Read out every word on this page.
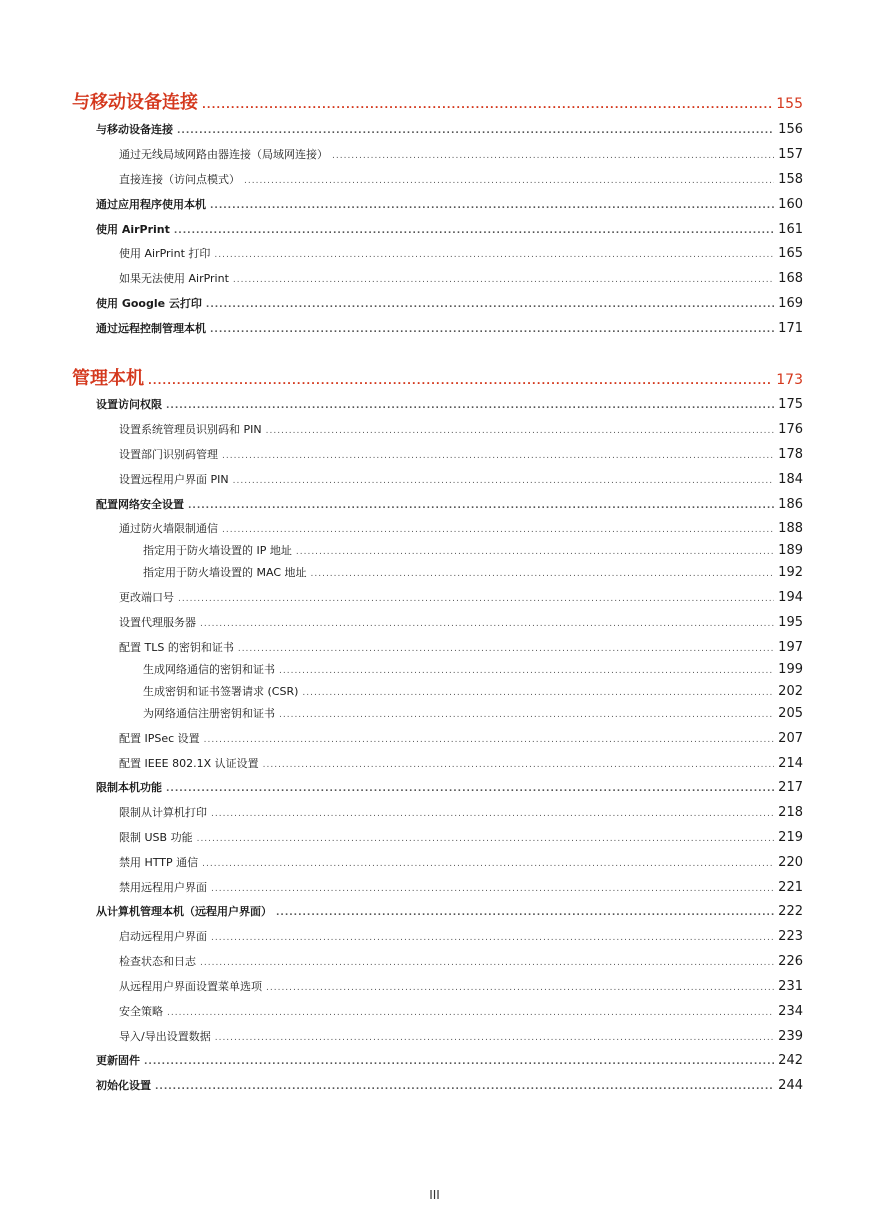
与移动设备连接 .....	155
与移动设备连接 .....	156
通过无线局域网路由器连接（局域网连接） .....	157
直接连接（访问点模式） .....	158
通过应用程序使用本机 .....	160
使用 AirPrint .....	161
使用 AirPrint 打印 .....	165
如果无法使用 AirPrint .....	168
使用 Google 云打印 .....	169
通过远程控制管理本机 .....	171
管理本机 .....	173
设置访问权限 .....	175
设置系统管理员识别码和 PIN .....	176
设置部门识别码管理 .....	178
设置远程用户界面 PIN .....	184
配置网络安全设置 .....	186
通过防火墙限制通信 .....	188
指定用于防火墙设置的 IP 地址 .....	189
指定用于防火墙设置的 MAC 地址 .....	192
更改端口号 .....	194
设置代理服务器 .....	195
配置 TLS 的密钥和证书 .....	197
生成网络通信的密钥和证书 .....	199
生成密钥和证书签署请求 (CSR) .....	202
为网络通信注册密钥和证书 .....	205
配置 IPSec 设置 .....	207
配置 IEEE 802.1X 认证设置 .....	214
限制本机功能 .....	217
限制从计算机打印 .....	218
限制 USB 功能 .....	219
禁用 HTTP 通信 .....	220
禁用远程用户界面 .....	221
从计算机管理本机（远程用户界面） .....	222
启动远程用户界面 .....	223
检查状态和日志 .....	226
从远程用户界面设置菜单选项 .....	231
安全策略 .....	234
导入/导出设置数据 .....	239
更新固件 .....	242
初始化设置 .....	244
III
